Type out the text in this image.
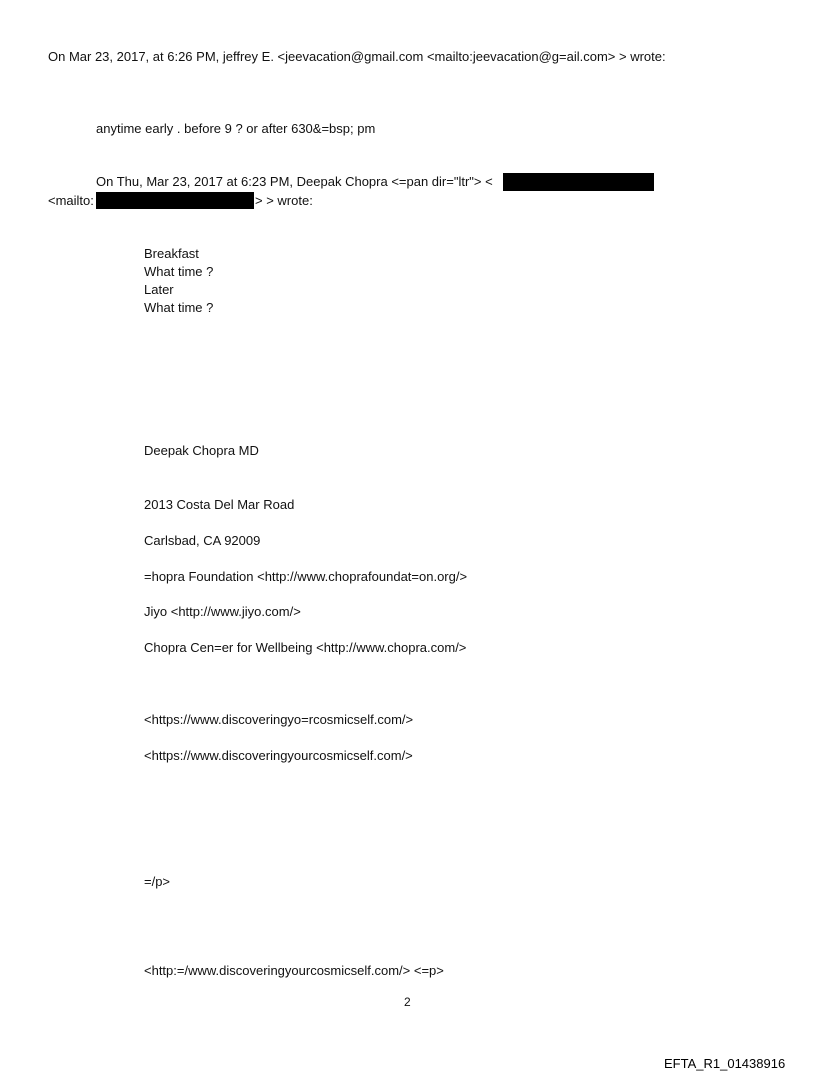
On Mar 23, 2017, at 6:26 PM, jeffrey E. <jeevacation@gmail.com <mailto:jeevacation@g=ail.com> > wrote:
anytime early . before 9 ? or after 630&=bsp; pm
On Thu, Mar 23, 2017 at 6:23 PM, Deepak Chopra <=pan dir="ltr"> <
<mailto:	> > wrote:
Breakfast
What time ?
Later
What time ?
Deepak Chopra MD
2013 Costa Del Mar Road
Carlsbad, CA 92009
=hopra Foundation <http://www.choprafoundat=on.org/>
Jiyo <http://www.jiyo.com/>
Chopra Cen=er for Wellbeing <http://www.chopra.com/>
<https://www.discoveringyo=rcosmicself.com/>
<https://www.discoveringyourcosmicself.com/>
=/p>
<http:=/www.discoveringyourcosmicself.com/> <=p>
2
EFTA_R1_01438916
